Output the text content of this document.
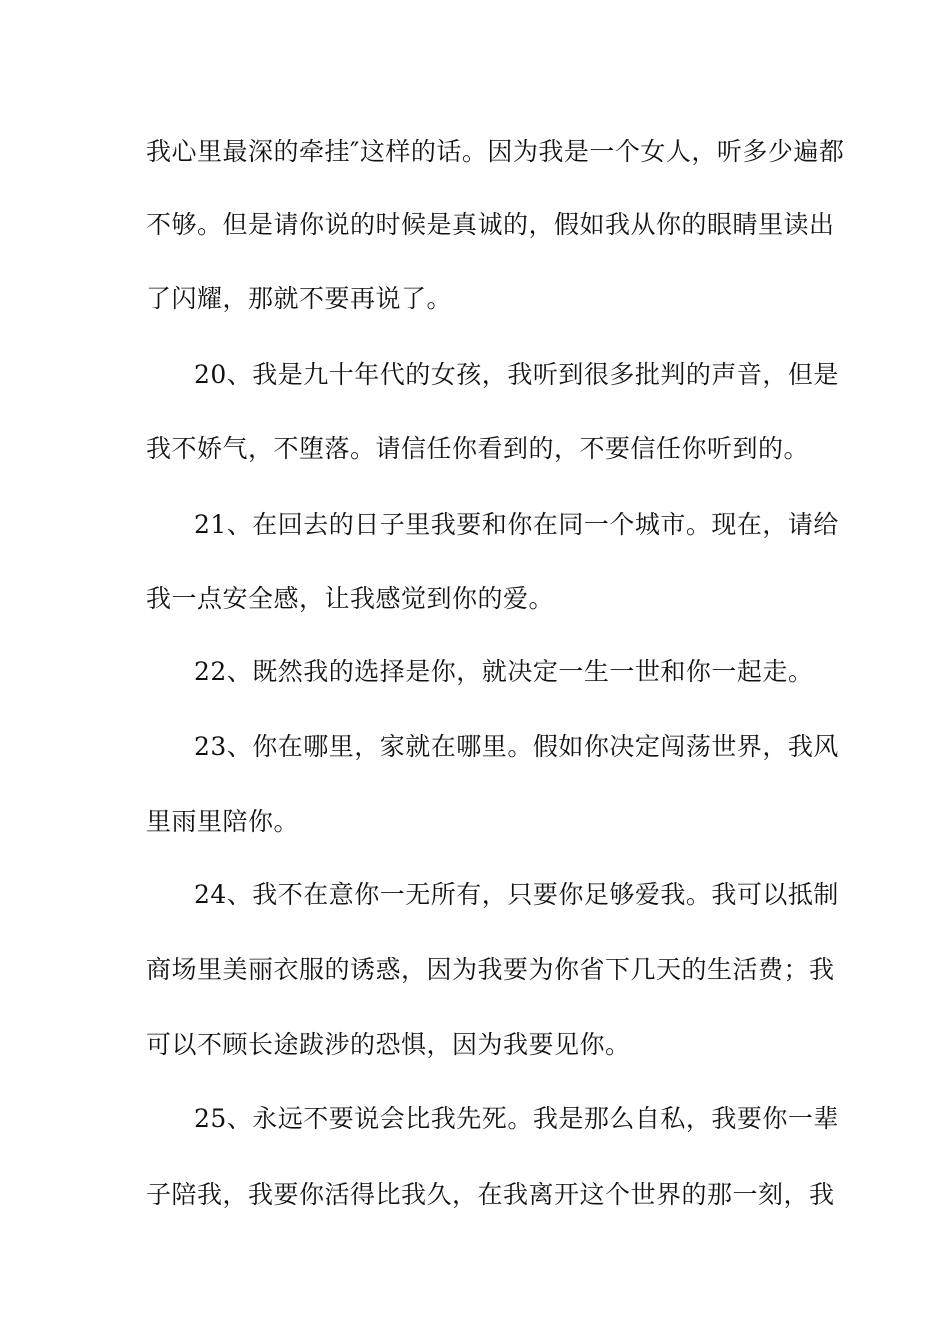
我心里最深的牵挂″这样的话。因为我是一个女人，听多少遍都
不够。但是请你说的时候是真诚的，假如我从你的眼睛里读出
了闪耀，那就不要再说了。
20、我是九十年代的女孩，我听到很多批判的声音，但是
我不娇气，不堕落。请信任你看到的，不要信任你听到的。
21、在回去的日子里我要和你在同一个城市。现在，请给
我一点安全感，让我感觉到你的爱。
22、既然我的选择是你，就决定一生一世和你一起走。
23、你在哪里，家就在哪里。假如你决定闯荡世界，我风
里雨里陪你。
24、我不在意你一无所有，只要你足够爱我。我可以抵制
商场里美丽衣服的诱惑，因为我要为你省下几天的生活费；我
可以不顾长途跋涉的恐惧，因为我要见你。
25、永远不要说会比我先死。我是那么自私，我要你一辈
子陪我，我要你活得比我久，在我离开这个世界的那一刻，我
